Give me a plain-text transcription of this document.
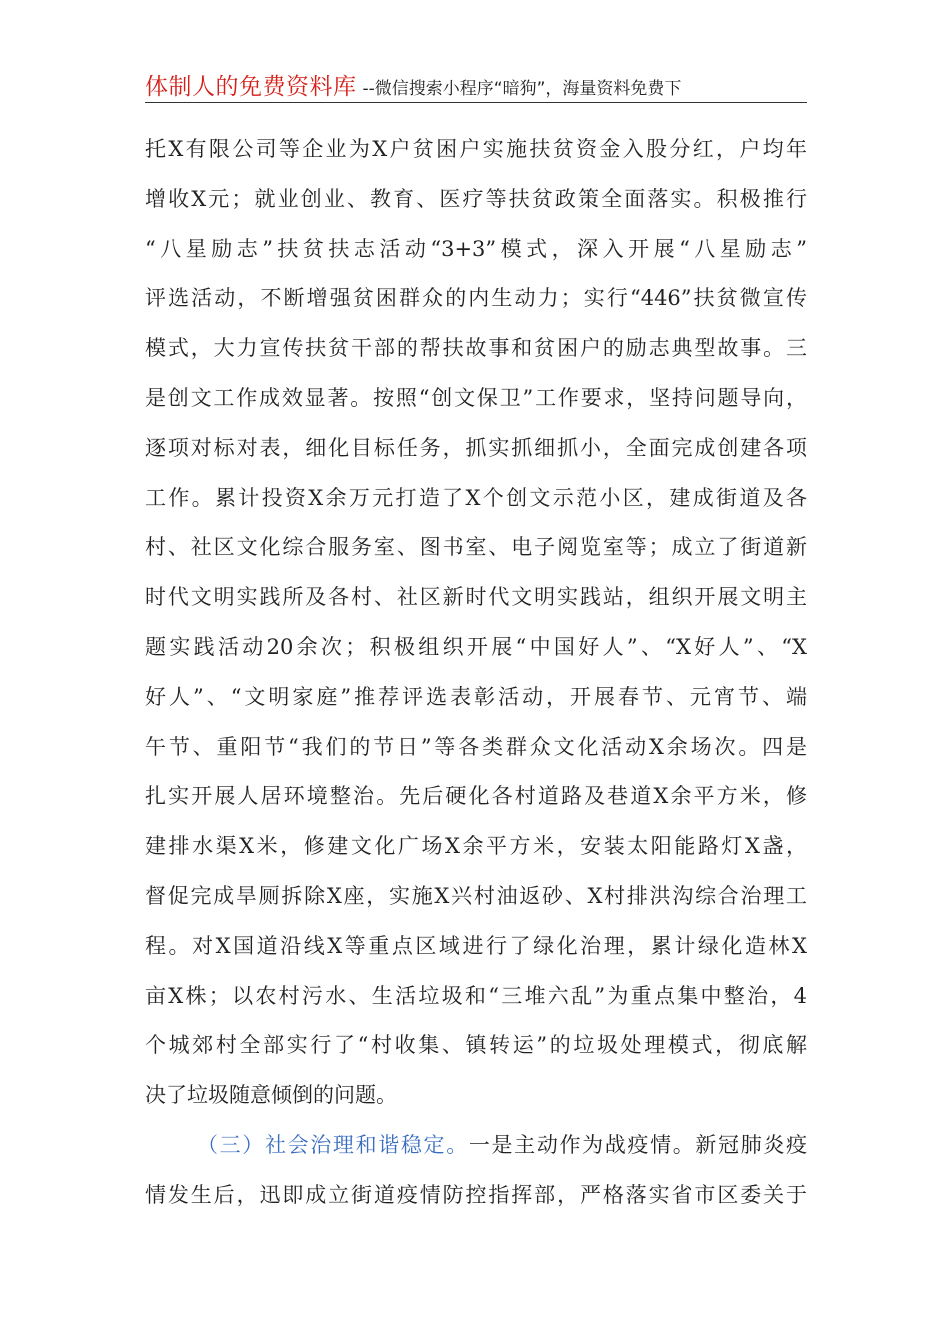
体制人的免费资料库 --微信搜索小程序“暗狗”，海量资料免费下
托X有限公司等企业为X户贫困户实施扶贫资金入股分红，户均年
增收X元；就业创业、教育、医疗等扶贫政策全面落实。积极推行
“八星励志”扶贫扶志活动“3+3”模式，深入开展“八星励志”
评选活动，不断增强贫困群众的内生动力；实行“446”扶贫微宣传
模式，大力宣传扶贫干部的帮扶故事和贫困户的励志典型故事。三
是创文工作成效显著。按照“创文保卫”工作要求，坚持问题导向，
逐项对标对表，细化目标任务，抓实抓细抓小，全面完成创建各项
工作。累计投资X余万元打造了X个创文示范小区，建成街道及各
村、社区文化综合服务室、图书室、电子阅览室等；成立了街道新
时代文明实践所及各村、社区新时代文明实践站，组织开展文明主
题实践活动20余次；积极组织开展“中国好人”、“X好人”、“X
好人”、“文明家庭”推荐评选表彰活动，开展春节、元宵节、端
午节、重阳节“我们的节日”等各类群众文化活动X余场次。四是
扎实开展人居环境整治。先后硬化各村道路及巷道X余平方米，修
建排水渠X米，修建文化广场X余平方米，安装太阳能路灯X盏，
督促完成旱厕拆除X座，实施X兴村油返砂、X村排洪沟综合治理工
程。对X国道沿线X等重点区域进行了绿化治理，累计绿化造林X
亩X株；以农村污水、生活垃圾和“三堆六乱”为重点集中整治，4
个城郊村全部实行了“村收集、镇转运”的垃圾处理模式，彻底解
决了垃圾随意倾倒的问题。
（三）社会治理和谐稳定。一是主动作为战疫情。新冠肺炎疫
情发生后，迅即成立街道疫情防控指挥部，严格落实省市区委关于
